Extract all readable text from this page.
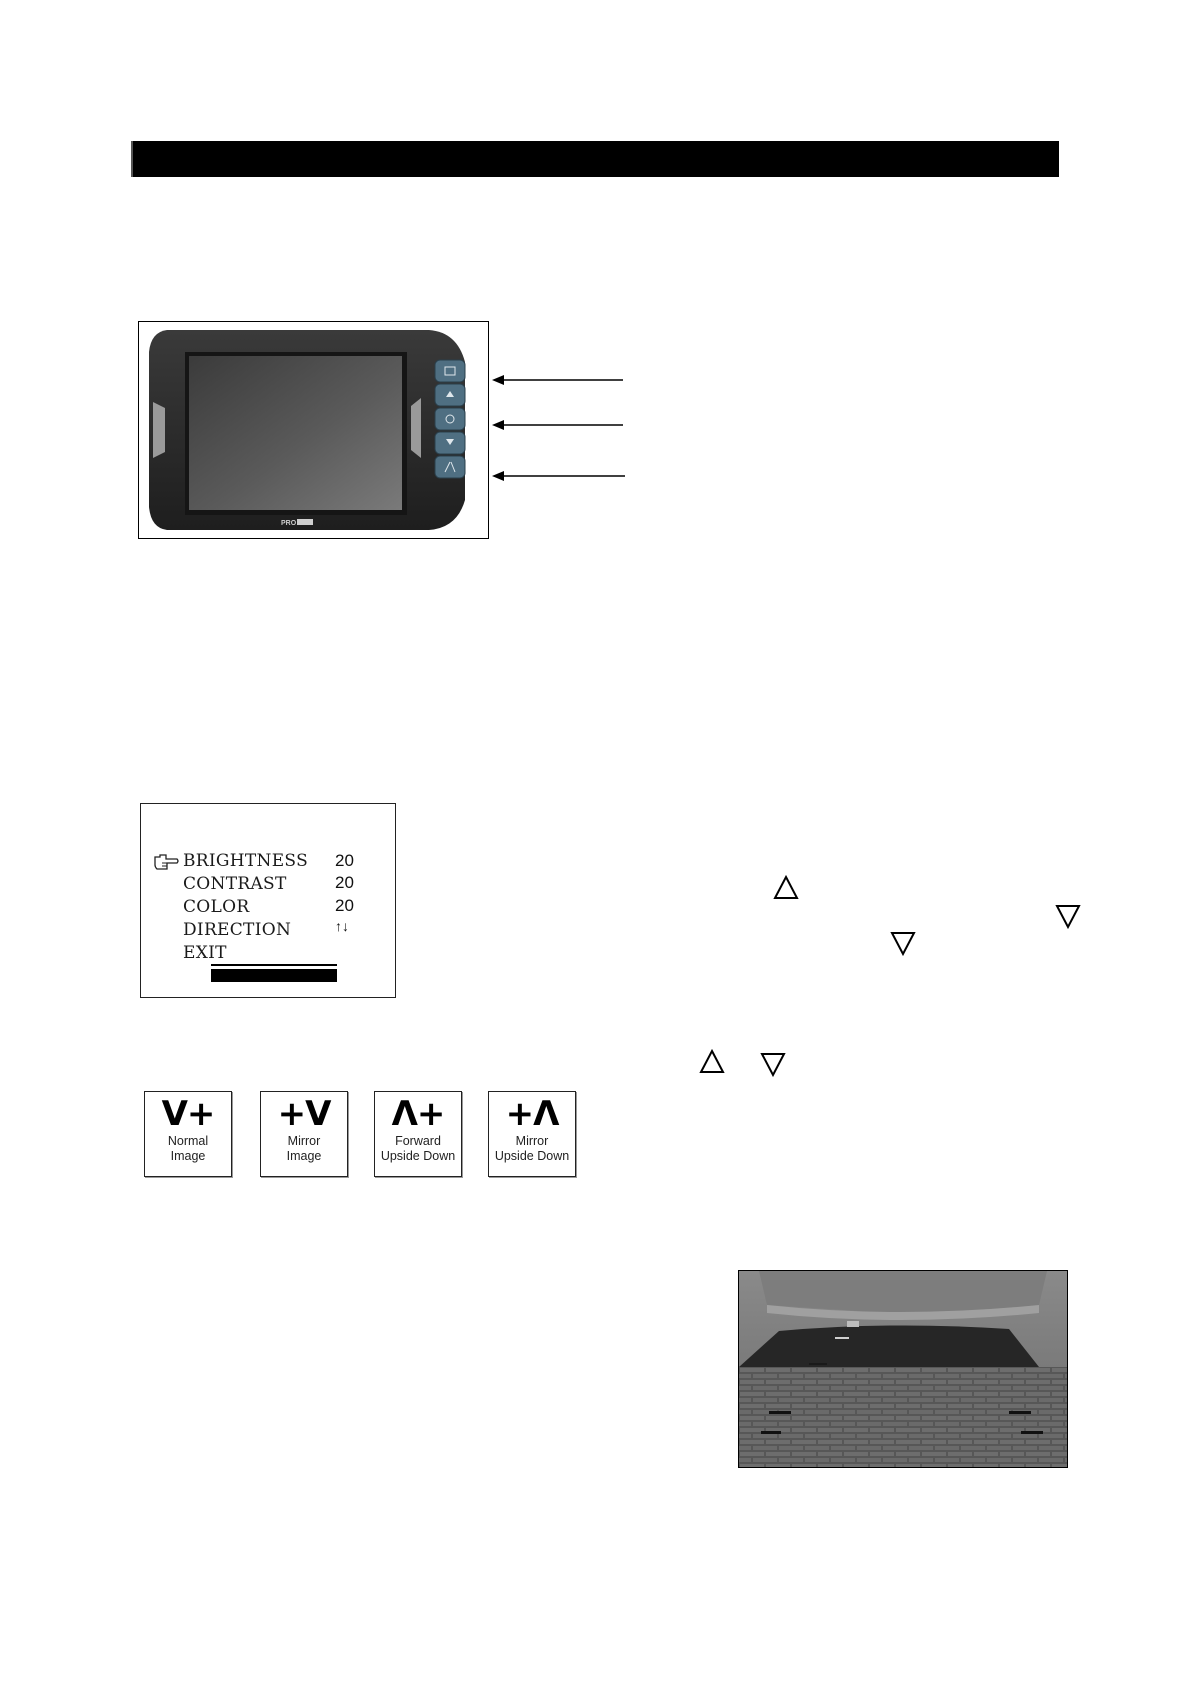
PRO
BRIGHTNESS 20
CONTRAST	20
COLOR	20
DIRECTION	↑↓
EXIT
V+
Normal
Image
+V
Mirror
Image
Λ+
Forward
Upside Down
+Λ
Mirror
Upside Down
